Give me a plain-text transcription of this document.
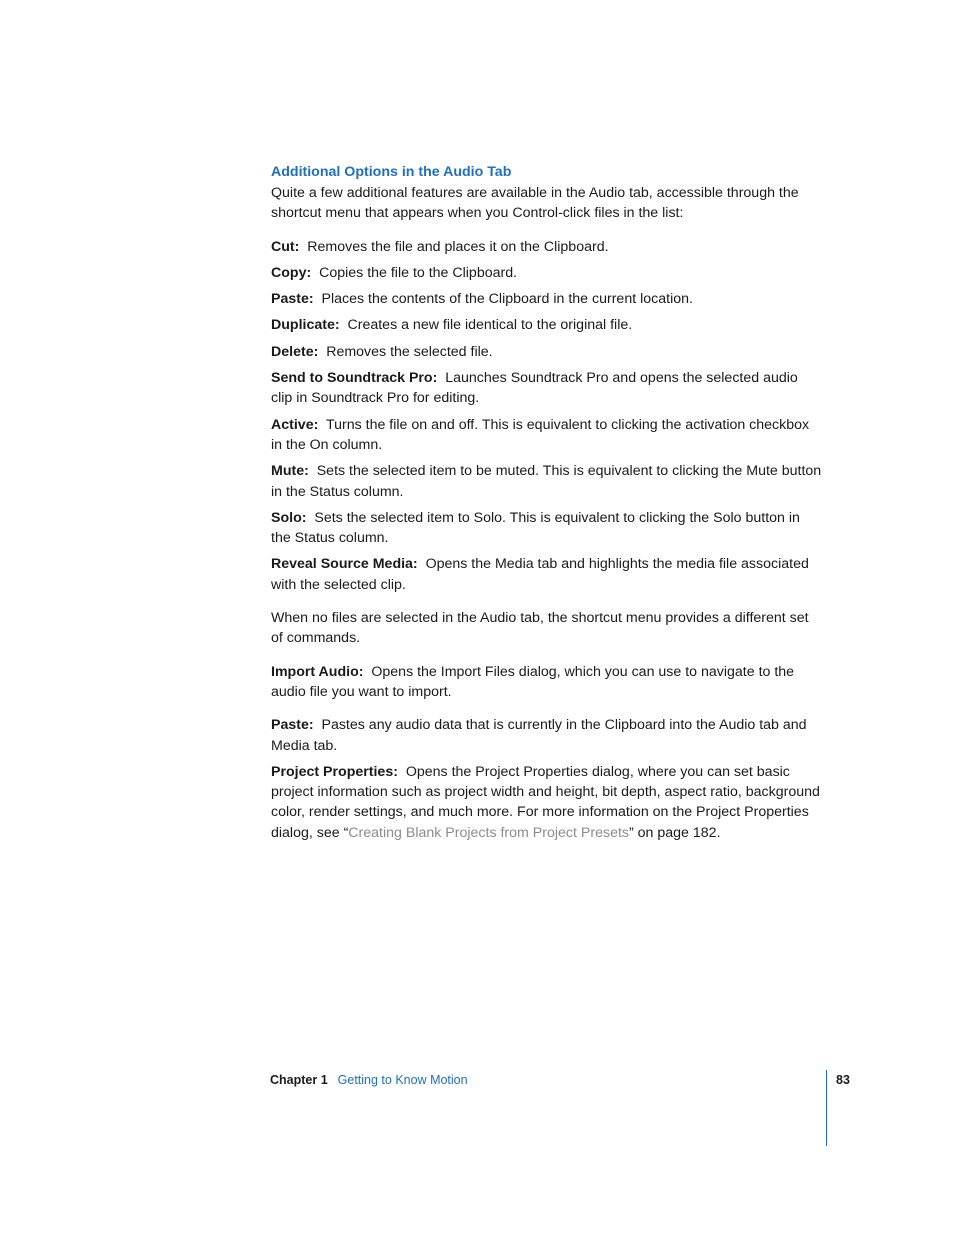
Additional Options in the Audio Tab

Quite a few additional features are available in the Audio tab, accessible through the shortcut menu that appears when you Control-click files in the list:

Cut: Removes the file and places it on the Clipboard.

Copy: Copies the file to the Clipboard.

Paste: Places the contents of the Clipboard in the current location.

Duplicate: Creates a new file identical to the original file.

Delete: Removes the selected file.

Send to Soundtrack Pro: Launches Soundtrack Pro and opens the selected audio clip in Soundtrack Pro for editing.

Active: Turns the file on and off. This is equivalent to clicking the activation checkbox in the On column.

Mute: Sets the selected item to be muted. This is equivalent to clicking the Mute button in the Status column.

Solo: Sets the selected item to Solo. This is equivalent to clicking the Solo button in the Status column.

Reveal Source Media: Opens the Media tab and highlights the media file associated with the selected clip.

When no files are selected in the Audio tab, the shortcut menu provides a different set of commands.

Import Audio: Opens the Import Files dialog, which you can use to navigate to the audio file you want to import.

Paste: Pastes any audio data that is currently in the Clipboard into the Audio tab and Media tab.

Project Properties: Opens the Project Properties dialog, where you can set basic project information such as project width and height, bit depth, aspect ratio, background color, render settings, and much more. For more information on the Project Properties dialog, see “Creating Blank Projects from Project Presets” on page 182.

Chapter 1 Getting to Know Motion	83
